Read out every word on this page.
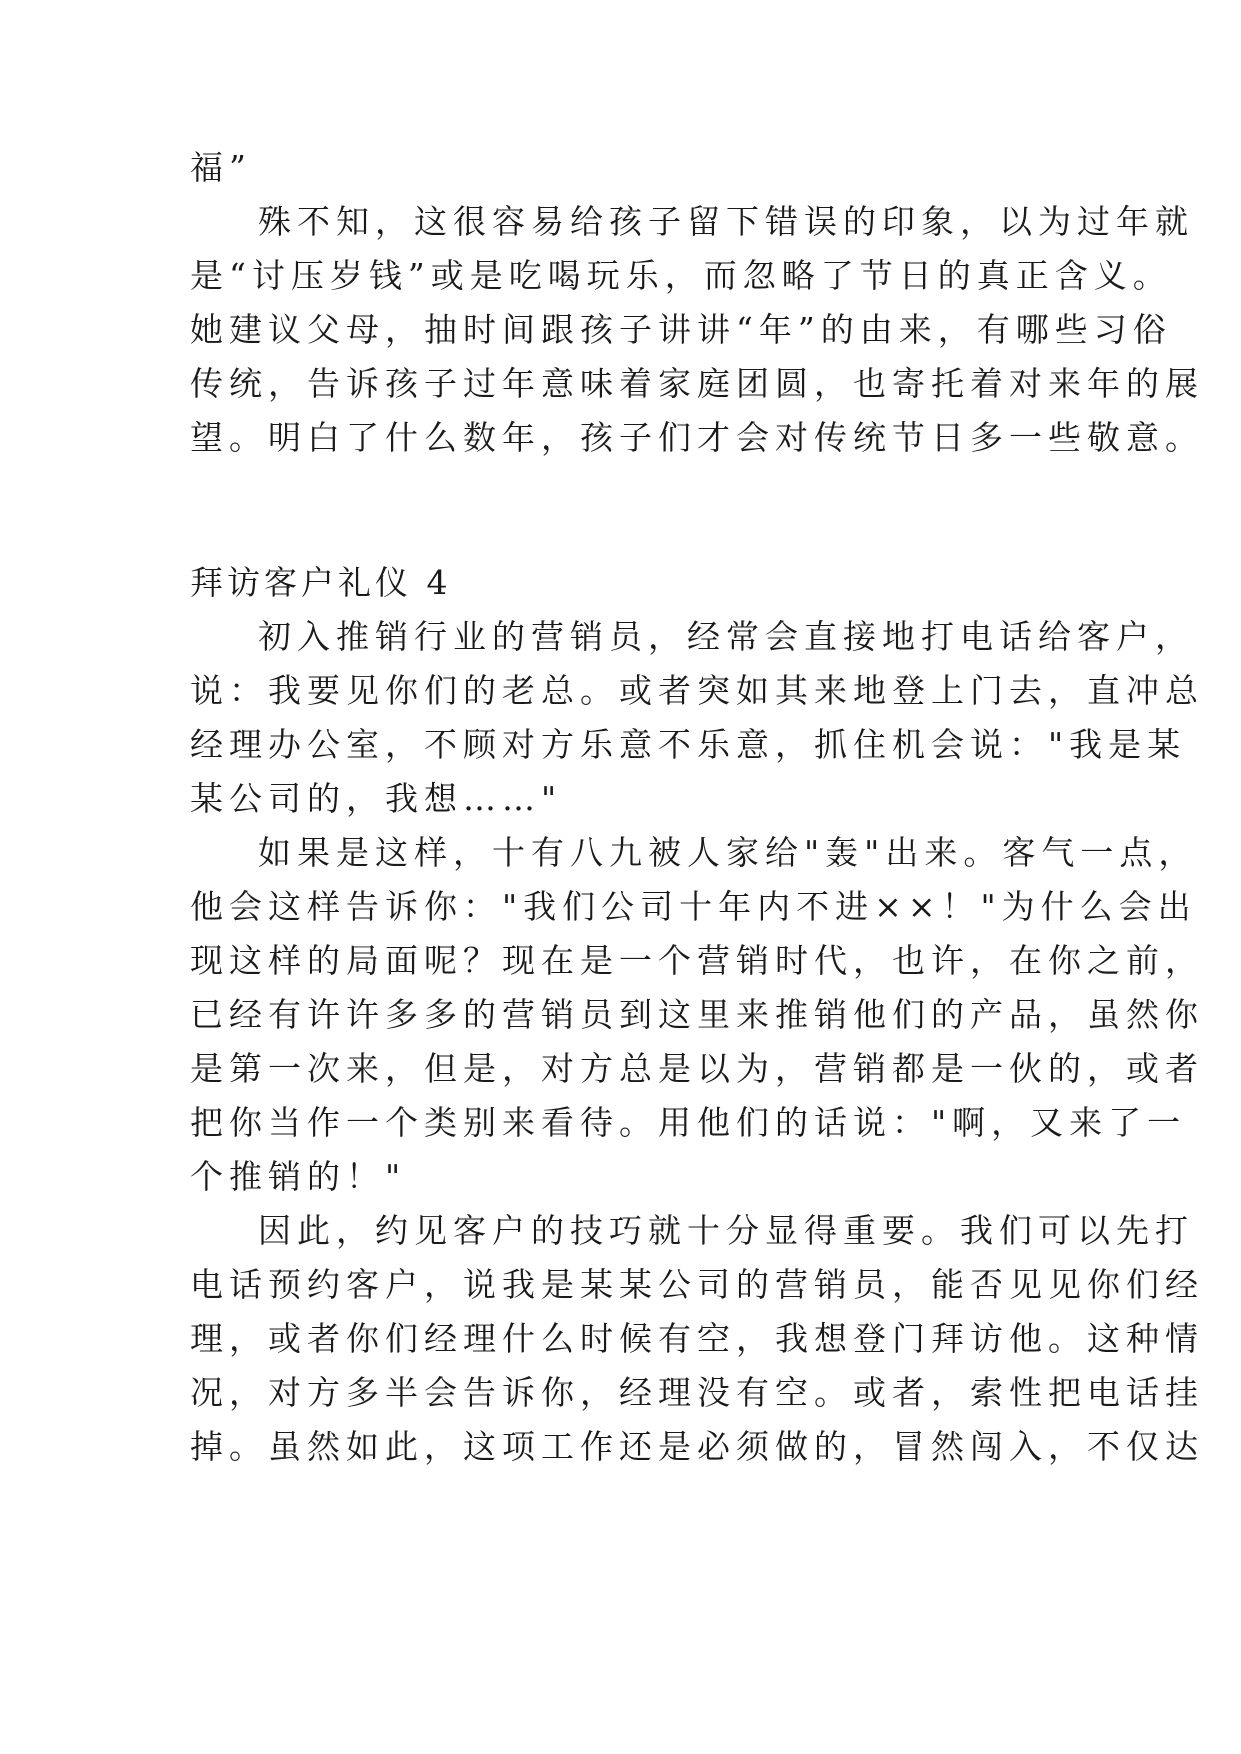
福”
殊不知，这很容易给孩子留下错误的印象，以为过年就
是“讨压岁钱”或是吃喝玩乐，而忽略了节日的真正含义。
她建议父母，抽时间跟孩子讲讲“年”的由来，有哪些习俗
传统，告诉孩子过年意味着家庭团圆，也寄托着对来年的展
望。明白了什么数年，孩子们才会对传统节日多一些敬意。
拜访客户礼仪 4
初入推销行业的营销员，经常会直接地打电话给客户，
说：我要见你们的老总。或者突如其来地登上门去，直冲总
经理办公室，不顾对方乐意不乐意，抓住机会说："我是某
某公司的，我想……"
如果是这样，十有八九被人家给"轰"出来。客气一点，
他会这样告诉你："我们公司十年内不进××！"为什么会出
现这样的局面呢？现在是一个营销时代，也许，在你之前，
已经有许许多多的营销员到这里来推销他们的产品，虽然你
是第一次来，但是，对方总是以为，营销都是一伙的，或者
把你当作一个类别来看待。用他们的话说："啊，又来了一
个推销的！"
因此，约见客户的技巧就十分显得重要。我们可以先打
电话预约客户，说我是某某公司的营销员，能否见见你们经
理，或者你们经理什么时候有空，我想登门拜访他。这种情
况，对方多半会告诉你，经理没有空。或者，索性把电话挂
掉。虽然如此，这项工作还是必须做的，冒然闯入，不仅达
